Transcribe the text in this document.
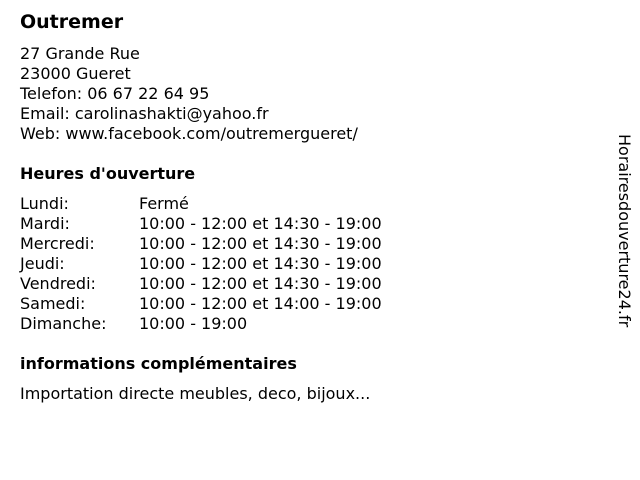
Outremer
27 Grande Rue
23000 Gueret
Telefon: 06 67 22 64 95
Email: carolinashakti@yahoo.fr
Web: www.facebook.com/outremergueret/
Heures d'ouverture
Lundi:	Fermé
Mardi:	10:00 - 12:00 et 14:30 - 19:00
Mercredi:	10:00 - 12:00 et 14:30 - 19:00
Jeudi:	10:00 - 12:00 et 14:30 - 19:00
Vendredi:	10:00 - 12:00 et 14:30 - 19:00
Samedi:	10:00 - 12:00 et 14:00 - 19:00
Dimanche:	10:00 - 19:00
informations complémentaires
Importation directe meubles, deco, bijoux...
Horairesdouverture24.fr
